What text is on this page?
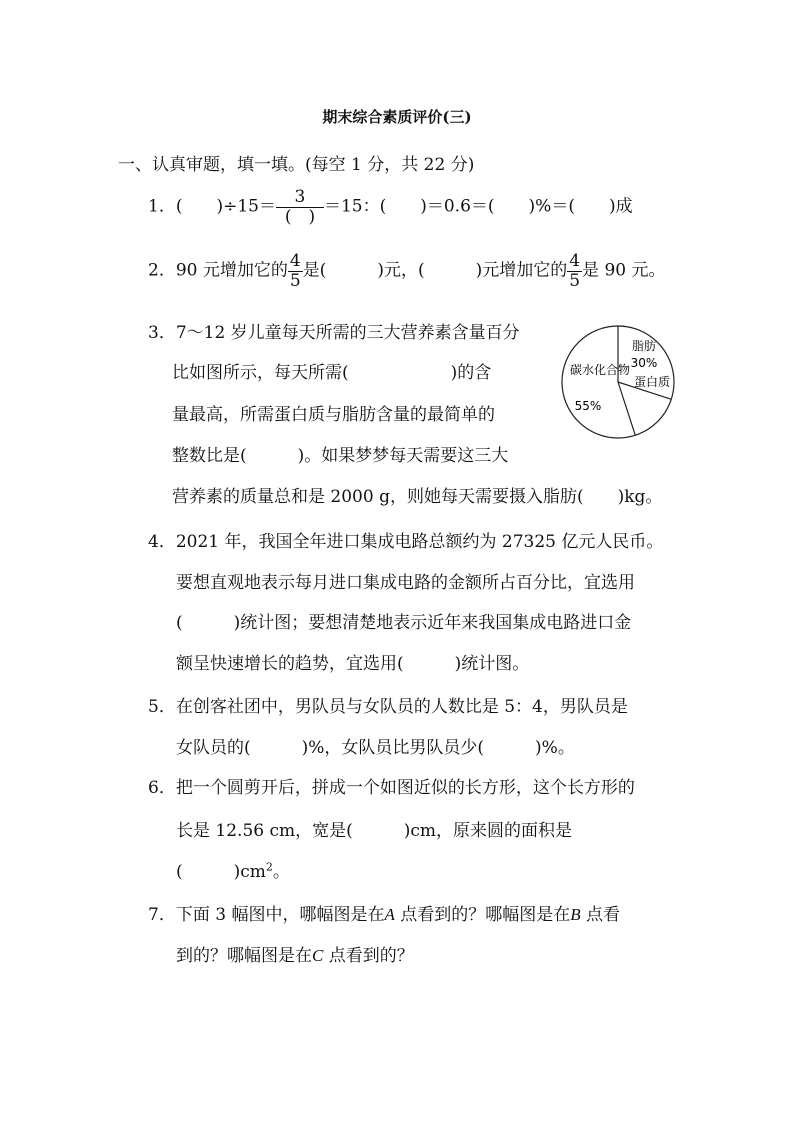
期末综合素质评价(三)
一、认真审题，填一填。(每空 1 分，共 22 分)
1．(　　)$\div 15= \frac{3}{( )} =15$：(　　)＝0.6＝(　　)%＝(　　)成
2．90 元增加它的 $\frac{4}{5}$ 是(　　　)元，(　　　)元增加它的 $\frac{4}{5}$ 是 90 元。
3．7～12 岁儿童每天所需的三大营养素含量百分
比如图所示，每天所需(　　　　　　)的含
量最高，所需蛋白质与脂肪含量的最简单的
整数比是(　　　)。如果梦梦每天需要这三大
营养素的质量总和是 2000 g，则她每天需要摄入脂肪(　　)kg。
脂肪
30%
蛋白质
碳水化合物
55%
4．2021 年，我国全年进口集成电路总额约为 27325 亿元人民币。
要想直观地表示每月进口集成电路的金额所占百分比，宜选用
(　　　)统计图；要想清楚地表示近年来我国集成电路进口金
额呈快速增长的趋势，宜选用(　　　)统计图。
5．在创客社团中，男队员与女队员的人数比是 5：4，男队员是
女队员的(　　　)%，女队员比男队员少(　　　)%。
6．把一个圆剪开后，拼成一个如图近似的长方形，这个长方形的
长是 12.56 cm，宽是(　　　)cm，原来圆的面积是
(　　　)$cm^2$。
7．下面 3 幅图中，哪幅图是在A 点看到的？哪幅图是在B 点看
到的？哪幅图是在C 点看到的？
